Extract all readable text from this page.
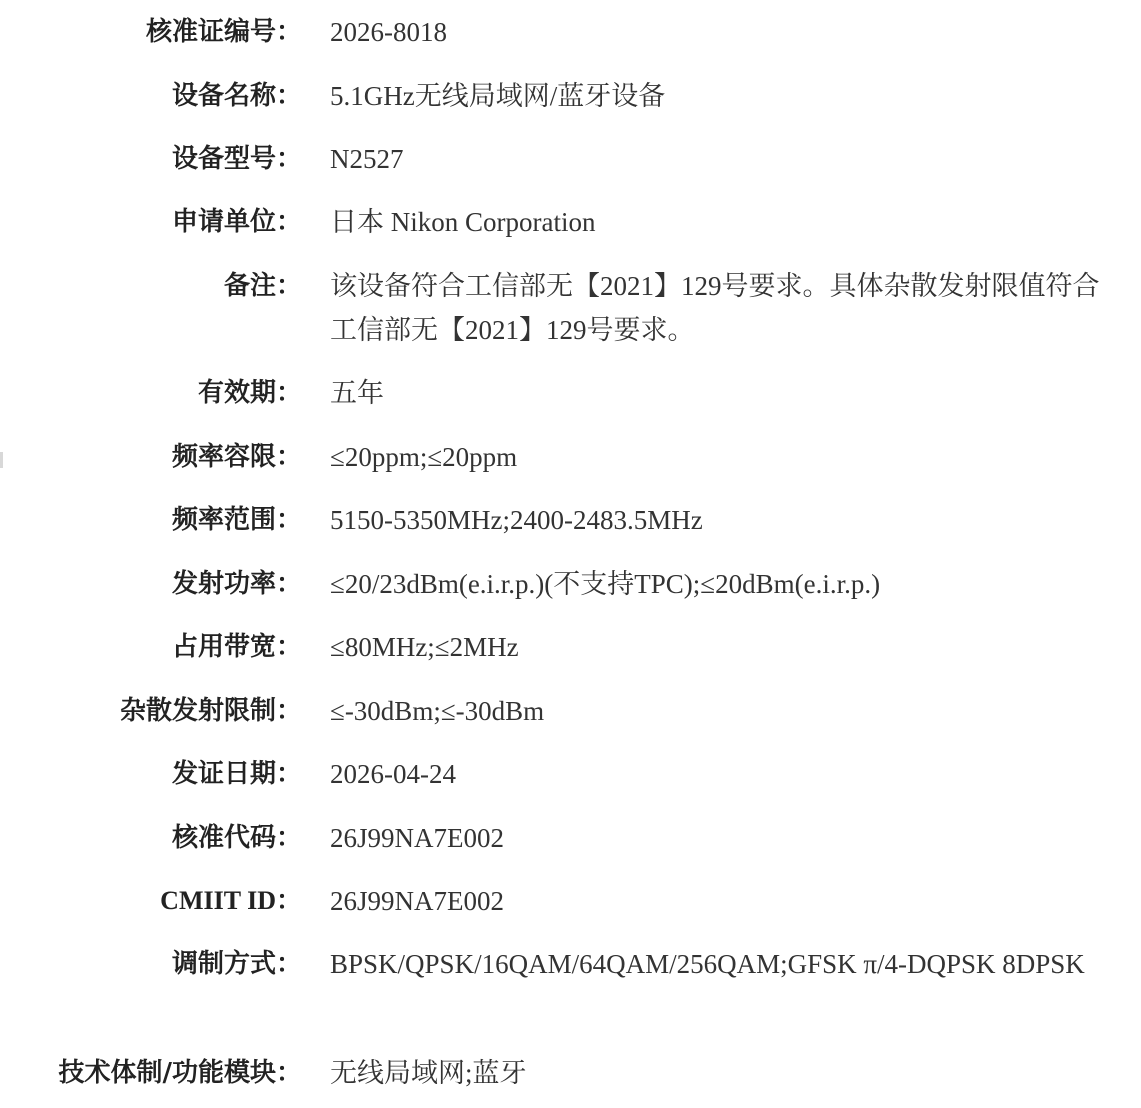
核准证编号： 2026-8018
设备名称： 5.1GHz无线局域网/蓝牙设备
设备型号： N2527
申请单位： 日本 Nikon Corporation
备注： 该设备符合工信部无【2021】129号要求。具体杂散发射限值符合工信部无【2021】129号要求。
有效期： 五年
频率容限： ≤20ppm;≤20ppm
频率范围： 5150-5350MHz;2400-2483.5MHz
发射功率： ≤20/23dBm(e.i.r.p.)(不支持TPC);≤20dBm(e.i.r.p.)
占用带宽： ≤80MHz;≤2MHz
杂散发射限制： ≤-30dBm;≤-30dBm
发证日期： 2026-04-24
核准代码： 26J99NA7E002
CMIIT ID： 26J99NA7E002
调制方式： BPSK/QPSK/16QAM/64QAM/256QAM;GFSK π/4-DQPSK 8DPSK
技术体制/功能模块： 无线局域网;蓝牙
